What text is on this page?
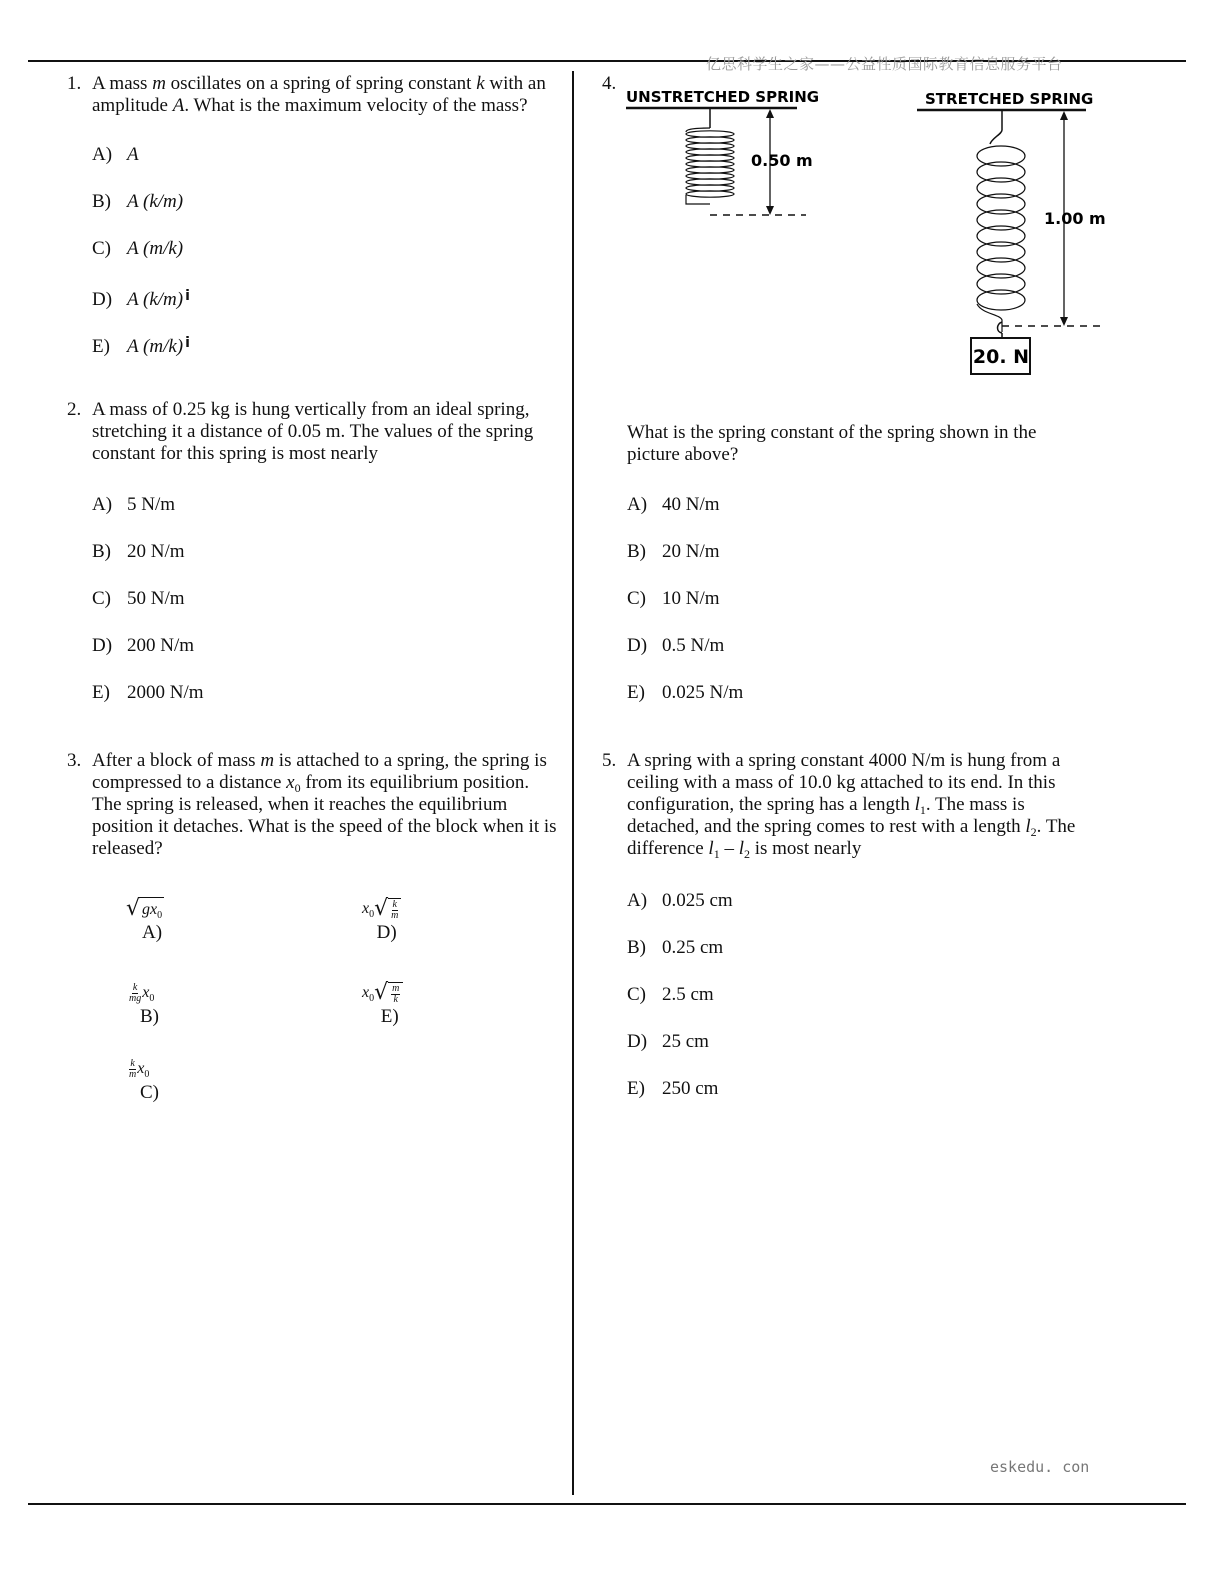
亿思科学生之家——公益性质国际教育信息服务平台
eskedu. con
1. A mass m oscillates on a spring of spring constant k with an amplitude A. What is the maximum velocity of the mass?
A) A
B) A (k/m)
C) A (m/k)
D) A (k/m) $^i$
E) A (m/k) $^i$
2. A mass of 0.25 kg is hung vertically from an ideal spring, stretching it a distance of 0.05 m. The values of the spring constant for this spring is most nearly
A) 5 N/m
B) 20 N/m
C) 50 N/m
D) 200 N/m
E) 2000 N/m
3. After a block of mass m is attached to a spring, the spring is compressed to a distance $x_0$ from its equilibrium position. The spring is released, when it reaches the equilibrium position it detaches. What is the speed of the block when it is released?
√ g $x_0$
A)
$x_0$ √ $\frac{k}{m}$
D)
$\frac{k}{mg} x_0$
B)
$x_0$ √ $\frac{m}{k}$
E)
$\frac{k}{m} x_0$
C)
4.
UNSTRETCHED SPRING
0.50 m
STRETCHED SPRING
1.00 m
20. N
What is the spring constant of the spring shown in the picture above?
A) 40 N/m
B) 20 N/m
C) 10 N/m
D) 0.5 N/m
E) 0.025 N/m
5. A spring with a spring constant 4000 N/m is hung from a ceiling with a mass of 10.0 kg attached to its end. In this configuration, the spring has a length $l_1$. The mass is detached, and the spring comes to rest with a length $l_2$. The difference $l_1 - l_2$ is most nearly
A) 0.025 cm
B) 0.25 cm
C) 2.5 cm
D) 25 cm
E) 250 cm
